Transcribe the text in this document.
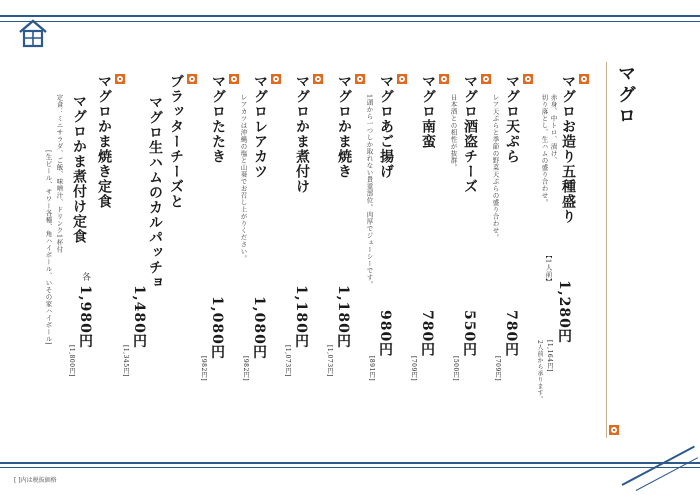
[ ]内は税抜価格
マグロ
マグロお造り五種盛り
赤身、中トロ、漬け、
切り落とし、生ハムの盛り合わせ。
【1人前】
1,280円
[1,164円]
2人前から承ります。
マグロ天ぷら
レア天ぷらと季節の野菜天ぷらの盛り合わせ。
780円
[709円]
マグロ酒盗チーズ
日本酒との相性が抜群。
550円
[500円]
マグロ南蛮
780円
[709円]
マグロあご揚げ
1頭から一つしか取れない貴重部位。肉厚でジューシーです。
980円
[891円]
マグロかま焼き
1,180円
[1,073円]
マグロかま煮付け
1,180円
[1,073円]
マグロレアカツ
レアカツは沖縄の塩と山葵でお召し上がりください。
1,080円
[982円]
マグロたたき
1,080円
[982円]
ブラッターチーズと
マグロ生ハムのカルパッチョ
1,480円
[1,345円]
マグロかま焼き定食
マグロかま煮付け定食
定食：ミニサラダ、ご飯、味噌汁、ドリンク1杯付
[生ビール、サワー各種、角ハイボール、いその家ハイボール]	各
1,980円
[1,800円]
